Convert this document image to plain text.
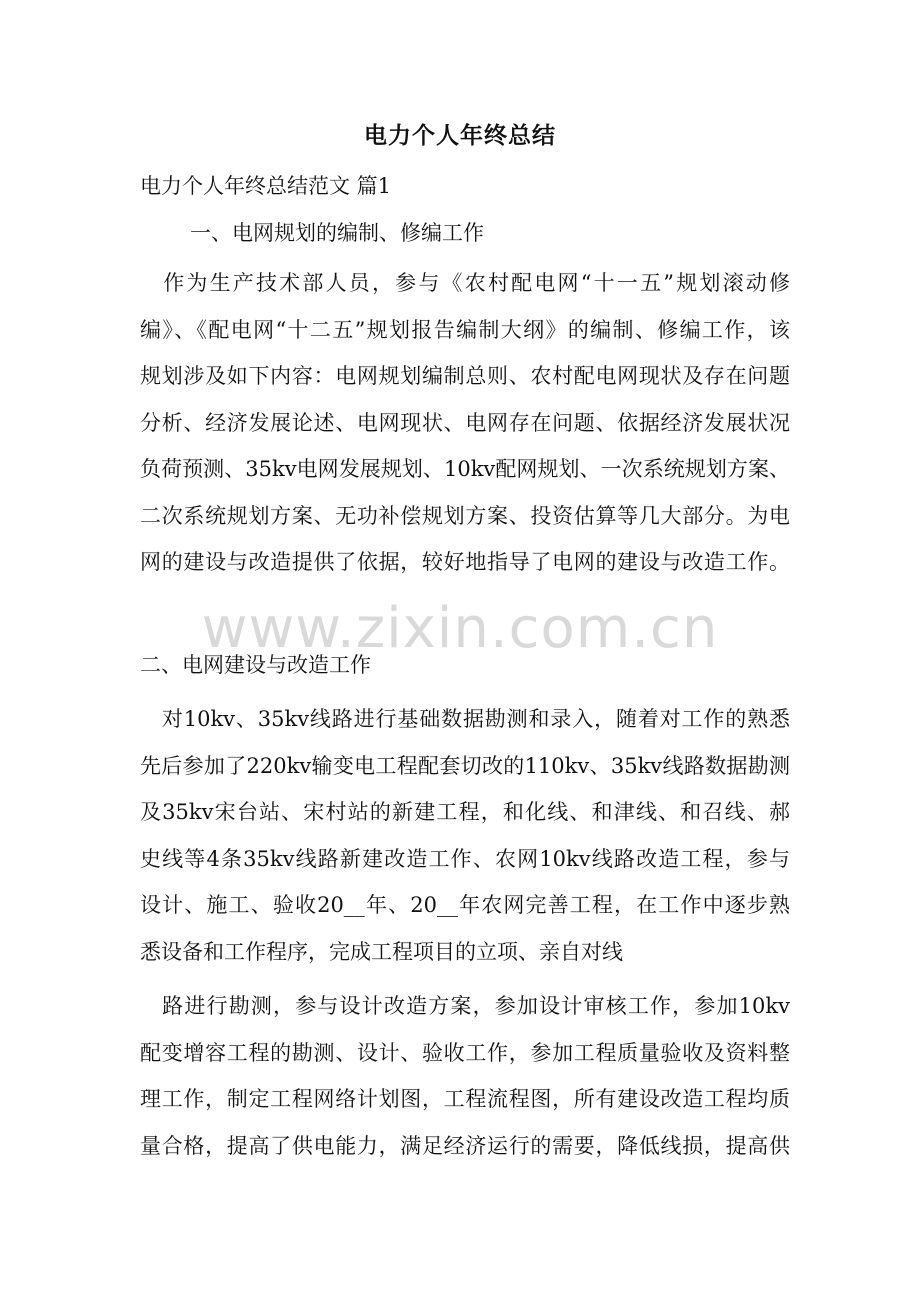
电力个人年终总结
电力个人年终总结范文 篇1
一、电网规划的编制、修编工作
　作为生产技术部人员，参与《农村配电网“十一五”规划滚动修
编》、《配电网“十二五”规划报告编制大纲》的编制、修编工作，该
规划涉及如下内容：电网规划编制总则、农村配电网现状及存在问题
分析、经济发展论述、电网现状、电网存在问题、依据经济发展状况
负荷预测、35kv电网发展规划、10kv配网规划、一次系统规划方案、
二次系统规划方案、无功补偿规划方案、投资估算等几大部分。为电
网的建设与改造提供了依据，较好地指导了电网的建设与改造工作。
www.zixin.com.cn
二、电网建设与改造工作
　对10kv、35kv线路进行基础数据勘测和录入，随着对工作的熟悉
先后参加了220kv输变电工程配套切改的110kv、35kv线路数据勘测
及35kv宋台站、宋村站的新建工程，和化线、和津线、和召线、郝
史线等4条35kv线路新建改造工作、农网10kv线路改造工程，参与
设计、施工、验收20__年、20__年农网完善工程，在工作中逐步熟
悉设备和工作程序，完成工程项目的立项、亲自对线
　路进行勘测，参与设计改造方案，参加设计审核工作，参加10kv
配变增容工程的勘测、设计、验收工作，参加工程质量验收及资料整
理工作，制定工程网络计划图，工程流程图，所有建设改造工程均质
量合格，提高了供电能力，满足经济运行的需要，降低线损，提高供
